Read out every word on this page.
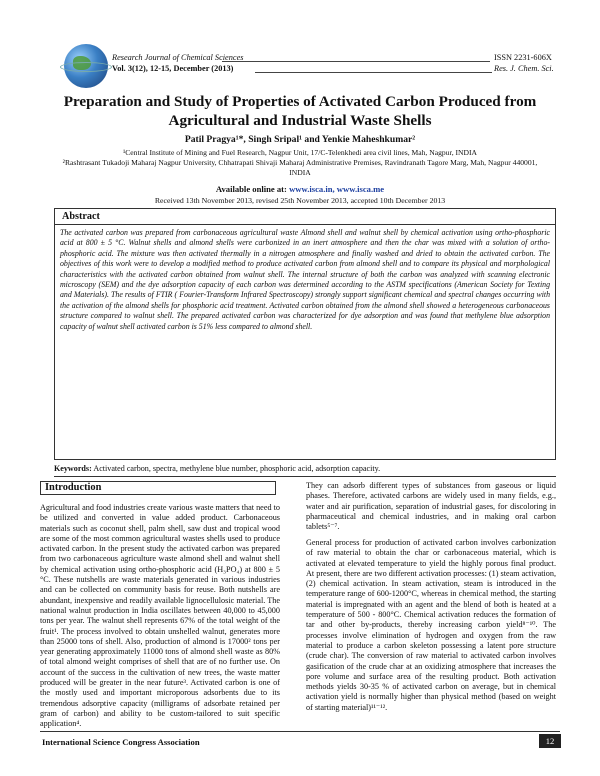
Research Journal of Chemical Sciences
Vol. 3(12), 12-15, December (2013)
ISSN 2231-606X
Res. J. Chem. Sci.
Preparation and Study of Properties of Activated Carbon Produced from Agricultural and Industrial Waste Shells
Patil Pragya¹*, Singh Sripal¹ and Yenkie Maheshkumar²
¹Central Institute of Mining and Fuel Research, Nagpur Unit, 17/C-Telenkhedi area civil lines, Mah, Nagpur, INDIA
²Rashtrasant Tukadoji Maharaj Nagpur University, Chhatrapati Shivaji Maharaj Administrative Premises, Ravindranath Tagore Marg, Mah, Nagpur 440001, INDIA
Available online at: www.isca.in, www.isca.me
Received 13th November 2013, revised 25th November 2013, accepted 10th December 2013
Abstract
The activated carbon was prepared from carbonaceous agricultural waste Almond shell and walnut shell by chemical activation using ortho-phosphoric acid at 800 ± 5 °C. Walnut shells and almond shells were carbonized in an inert atmosphere and then the char was mixed with a solution of ortho-phosphoric acid. The mixture was then activated thermally in a nitrogen atmosphere and finally washed and dried to obtain the activated carbon. The objectives of this work were to develop a modified method to produce activated carbon from almond shell and to compare its physical and morphological characteristics with the activated carbon obtained from walnut shell. The internal structure of both the carbon was analyzed with scanning electronic microscopy (SEM) and the dye adsorption capacity of each carbon was determined according to the ASTM specifications (American Society for Texting and Materials). The results of FTIR ( Fourier-Transform Infrared Spectroscopy) strongly support significant chemical and spectral changes occurring with the activation of the almond shells for phosphoric acid treatment. Activated carbon obtained from the almond shell showed a heterogeneous carbonaceous structure compared to walnut shell. The prepared activated carbon was characterized for dye adsorption and was found that methylene blue adsorption capacity of walnut shell activated carbon is 51% less compared to almond shell.
Keywords: Activated carbon, spectra, methylene blue number, phosphoric acid, adsorption capacity.
Introduction
Agricultural and food industries create various waste matters that need to be utilized and converted in value added product. Carbonaceous materials such as coconut shell, palm shell, saw dust and tropical wood are some of the most common agricultural wastes shells used to produce activated carbon. In the present study the activated carbon was prepared from two carbonaceous agriculture waste almond shell and walnut shell by chemical activation using ortho-phosphoric acid (H₃PO₄) at 800 ± 5 °C. These nutshells are waste materials generated in various industries and can be collected on community basis for reuse. Both nutshells are abundant, inexpensive and readily available lignocellulosic material. The national walnut production in India oscillates between 40,000 to 45,000 tons per year. The walnut shell represents 67% of the total weight of the fruit¹. The process involved to obtain unshelled walnut, generates more than 25000 tons of shell. Also, production of almond is 17000² tons per year generating approximately 11000 tons of almond shell waste as 80% of total almond weight comprises of shell that are of no further use. On account of the success in the cultivation of new trees, the waste matter produced will be greater in the near future³. Activated carbon is one of the mostly used and important microporous adsorbents due to its tremendous adsorptive capacity (milligrams of adsorbate retained per gram of carbon) and ability to be custom-tailored to suit specific application⁴.
They can adsorb different types of substances from gaseous or liquid phases. Therefore, activated carbons are widely used in many fields, e.g., water and air purification, separation of industrial gases, for discoloring in pharmaceutical and chemical industries, and in making oral carbon tablets⁵⁻⁷.
General process for production of activated carbon involves carbonization of raw material to obtain the char or carbonaceous material, which is activated at elevated temperature to yield the highly porous final product. At present, there are two different activation processes: (1) steam activation, (2) chemical activation. In steam activation, steam is introduced in the temperature range of 600-1200°C, whereas in chemical method, the starting material is impregnated with an agent and the blend of both is heated at a temperature of 500 - 800°C. Chemical activation reduces the formation of tar and other by-products, thereby increasing carbon yield⁸⁻¹⁰. The processes involve elimination of hydrogen and oxygen from the raw material to produce a carbon skeleton possessing a latent pore structure (crude char). The conversion of raw material to activated carbon involves gasification of the crude char at an oxidizing atmosphere that increases the pore volume and surface area of the resulting product. Both activation methods yields 30-35 % of activated carbon on average, but in chemical activation yield is normally higher than physical method (based on weight of starting material)¹¹⁻¹².
International Science Congress Association	12
